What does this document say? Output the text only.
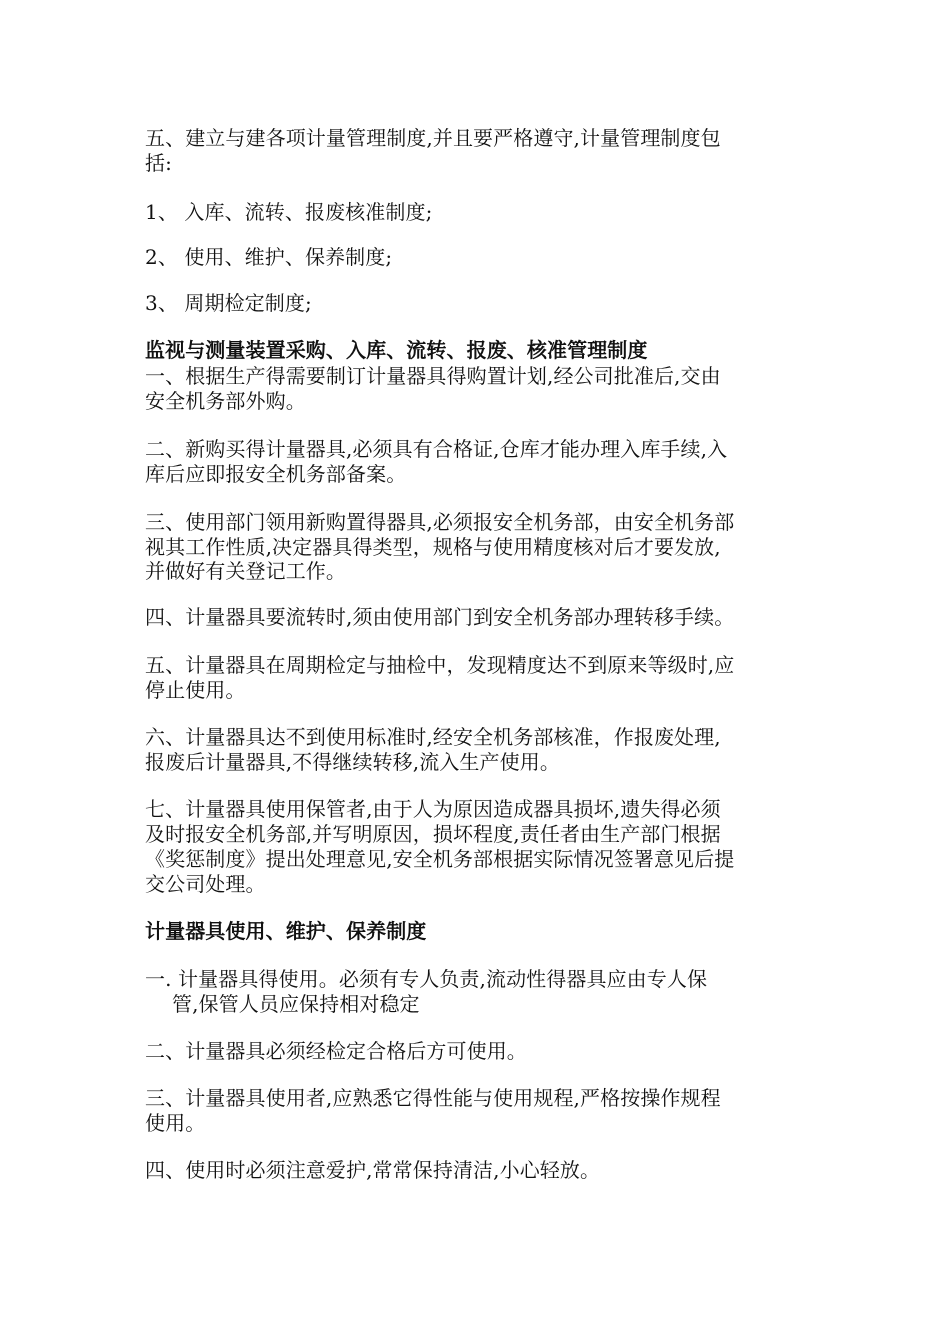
五、建立与建各项计量管理制度,并且要严格遵守,计量管理制度包
括:
1、 入库、流转、报废核准制度;
2、 使用、维护、保养制度;
3、 周期检定制度;
监视与测量装置采购、入库、流转、报废、核准管理制度
一、根据生产得需要制订计量器具得购置计划,经公司批准后,交由
安全机务部外购。
二、新购买得计量器具,必须具有合格证,仓库才能办理入库手续,入
库后应即报安全机务部备案。
三、使用部门领用新购置得器具,必须报安全机务部，由安全机务部
视其工作性质,决定器具得类型，规格与使用精度核对后才要发放,
并做好有关登记工作。
四、计量器具要流转时,须由使用部门到安全机务部办理转移手续。
五、计量器具在周期检定与抽检中，发现精度达不到原来等级时,应
停止使用。
六、计量器具达不到使用标准时,经安全机务部核准，作报废处理,
报废后计量器具,不得继续转移,流入生产使用。
七、计量器具使用保管者,由于人为原因造成器具损坏,遗失得必须
及时报安全机务部,并写明原因，损坏程度,责任者由生产部门根据
《奖惩制度》提出处理意见,安全机务部根据实际情况签署意见后提
交公司处理。
计量器具使用、维护、保养制度
一. 计量器具得使用。必须有专人负责,流动性得器具应由专人保
管,保管人员应保持相对稳定
二、计量器具必须经检定合格后方可使用。
三、计量器具使用者,应熟悉它得性能与使用规程,严格按操作规程
使用。
四、使用时必须注意爱护,常常保持清洁,小心轻放。
